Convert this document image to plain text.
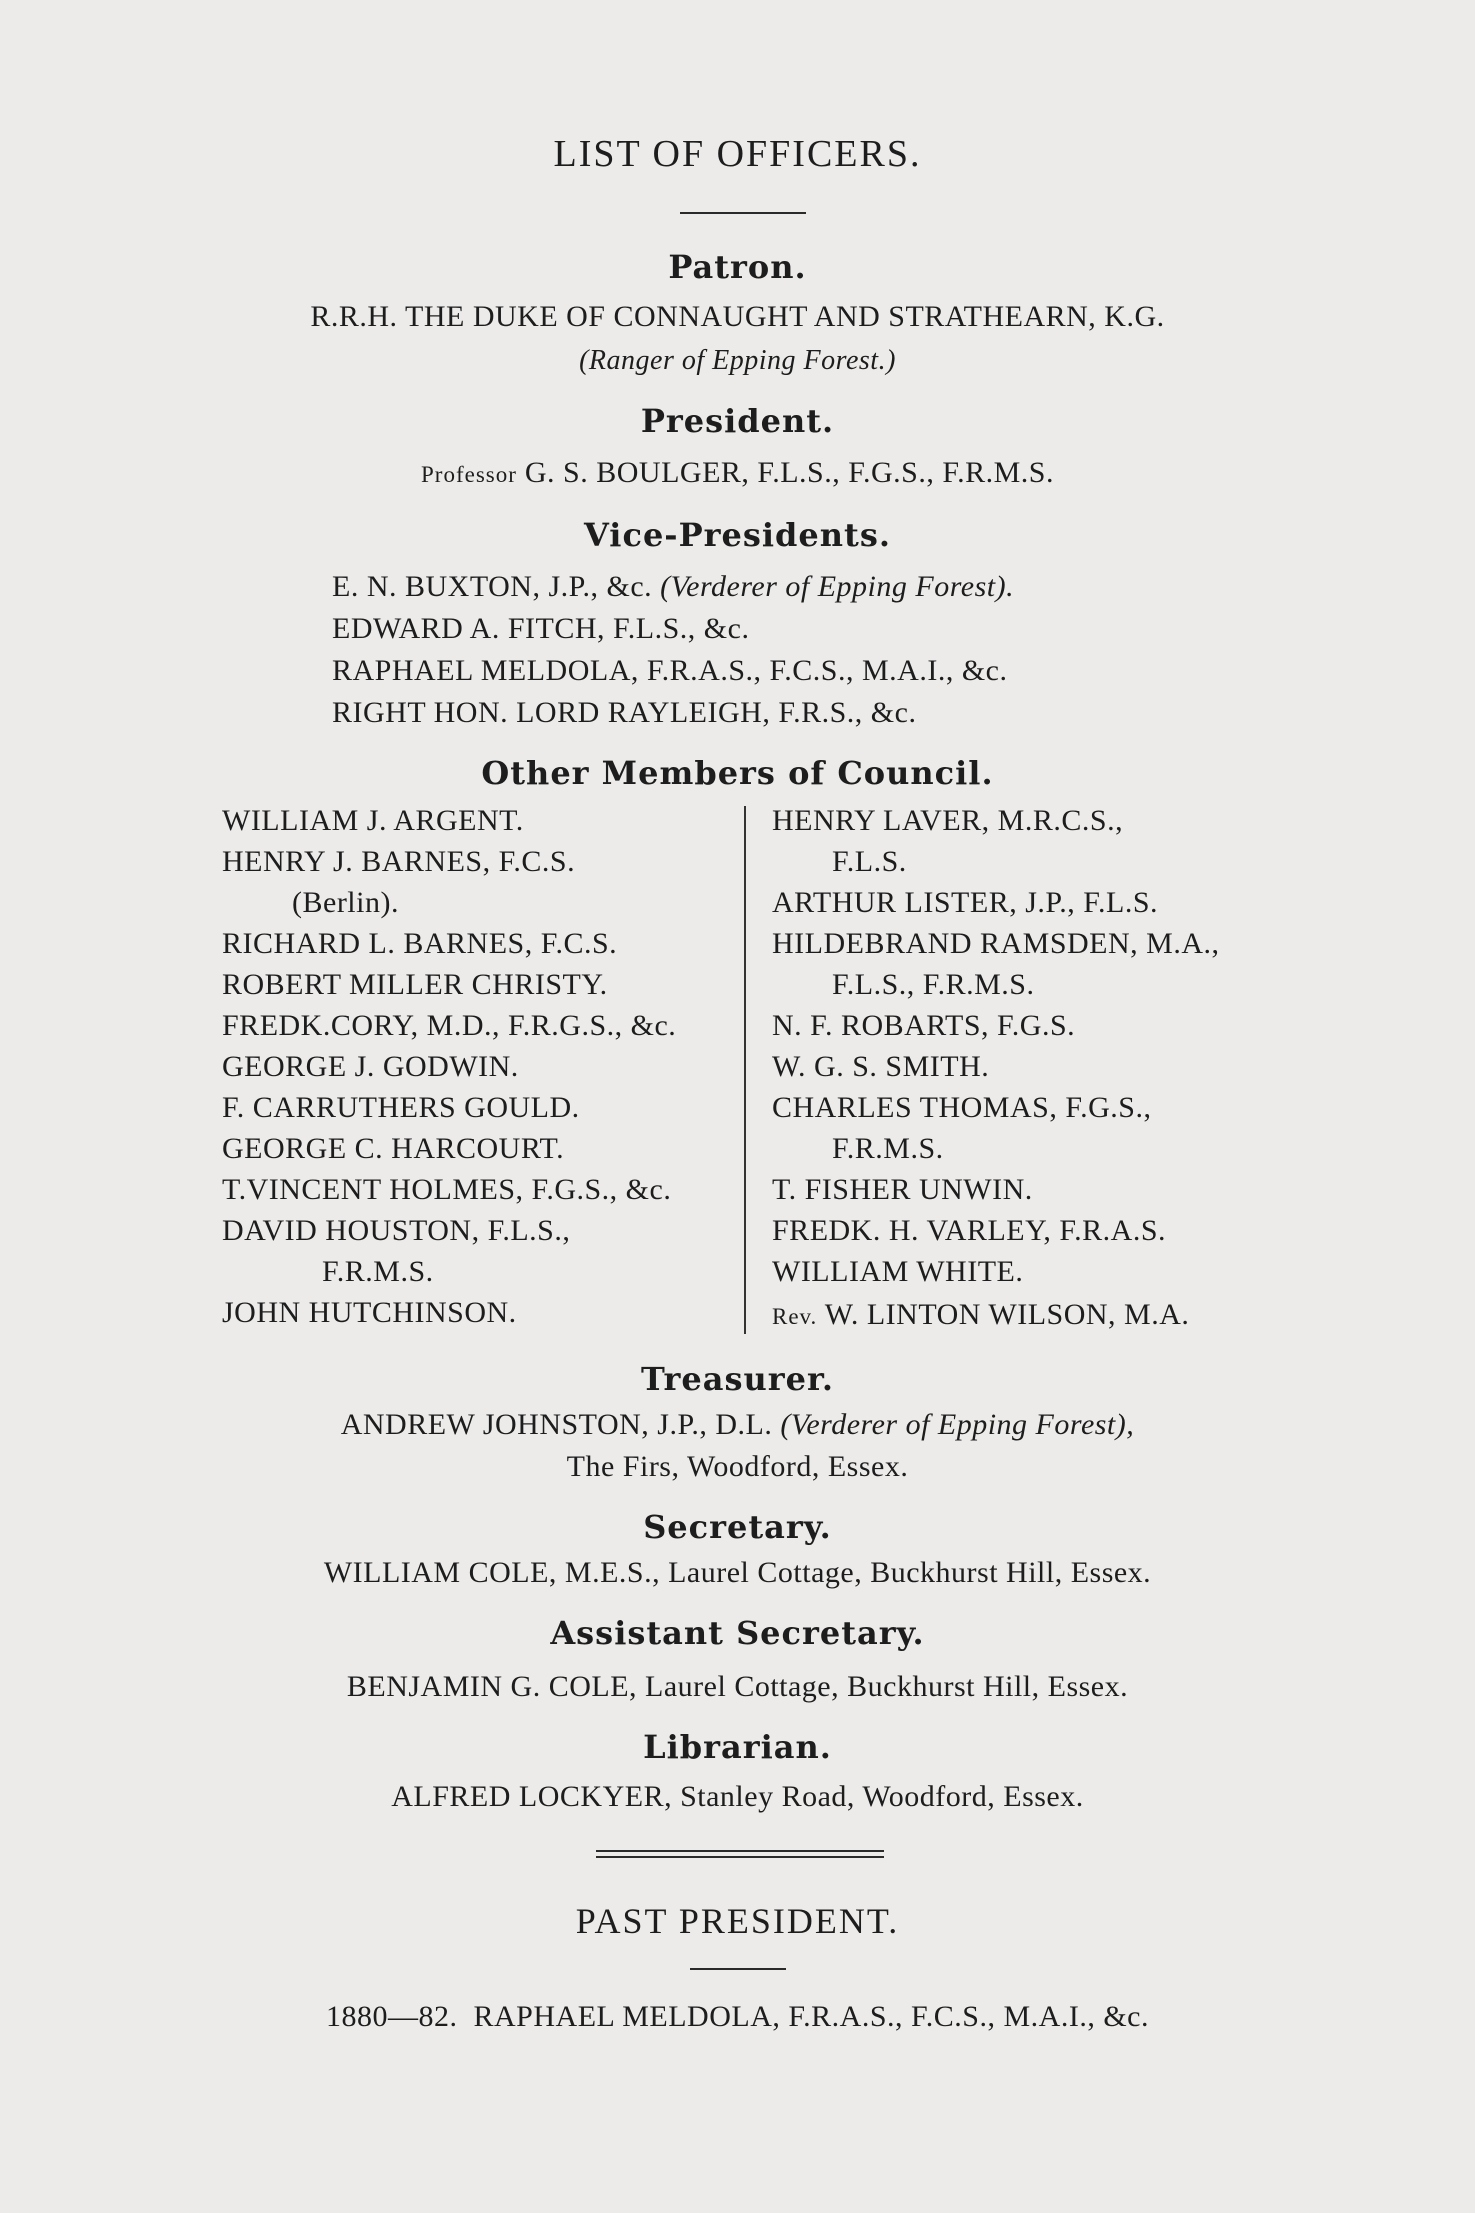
LIST OF OFFICERS.
Patron.
R.R.H. THE DUKE OF CONNAUGHT AND STRATHEARN, K.G.
(Ranger of Epping Forest.)
President.
Professor G. S. BOULGER, F.L.S., F.G.S., F.R.M.S.
Vice-Presidents.
E. N. BUXTON, J.P., &c. (Verderer of Epping Forest).
EDWARD A. FITCH, F.L.S., &c.
RAPHAEL MELDOLA, F.R.A.S., F.C.S., M.A.I., &c.
RIGHT HON. LORD RAYLEIGH, F.R.S., &c.
Other Members of Council.
Rev. W. LINTON WILSON, M.A.
Treasurer.
ANDREW JOHNSTON, J.P., D.L. (Verderer of Epping Forest),
The Firs, Woodford, Essex.
Secretary.
WILLIAM COLE, M.E.S., Laurel Cottage, Buckhurst Hill, Essex.
Assistant Secretary.
BENJAMIN G. COLE, Laurel Cottage, Buckhurst Hill, Essex.
Librarian.
ALFRED LOCKYER, Stanley Road, Woodford, Essex.
PAST PRESIDENT.
1880—82.  RAPHAEL MELDOLA, F.R.A.S., F.C.S., M.A.I., &c.
WILLIAM J. ARGENT.
HENRY J. BARNES, F.C.S.
(Berlin).
RICHARD L. BARNES, F.C.S.
ROBERT MILLER CHRISTY.
FREDK.CORY, M.D., F.R.G.S., &c.
GEORGE J. GODWIN.
F. CARRUTHERS GOULD.
GEORGE C. HARCOURT.
T.VINCENT HOLMES, F.G.S., &c.
DAVID HOUSTON, F.L.S.,
F.R.M.S.
JOHN HUTCHINSON.
HENRY LAVER, M.R.C.S.,
F.L.S.
ARTHUR LISTER, J.P., F.L.S.
HILDEBRAND RAMSDEN, M.A.,
F.L.S., F.R.M.S.
N. F. ROBARTS, F.G.S.
W. G. S. SMITH.
CHARLES THOMAS, F.G.S.,
F.R.M.S.
T. FISHER UNWIN.
FREDK. H. VARLEY, F.R.A.S.
WILLIAM WHITE.
